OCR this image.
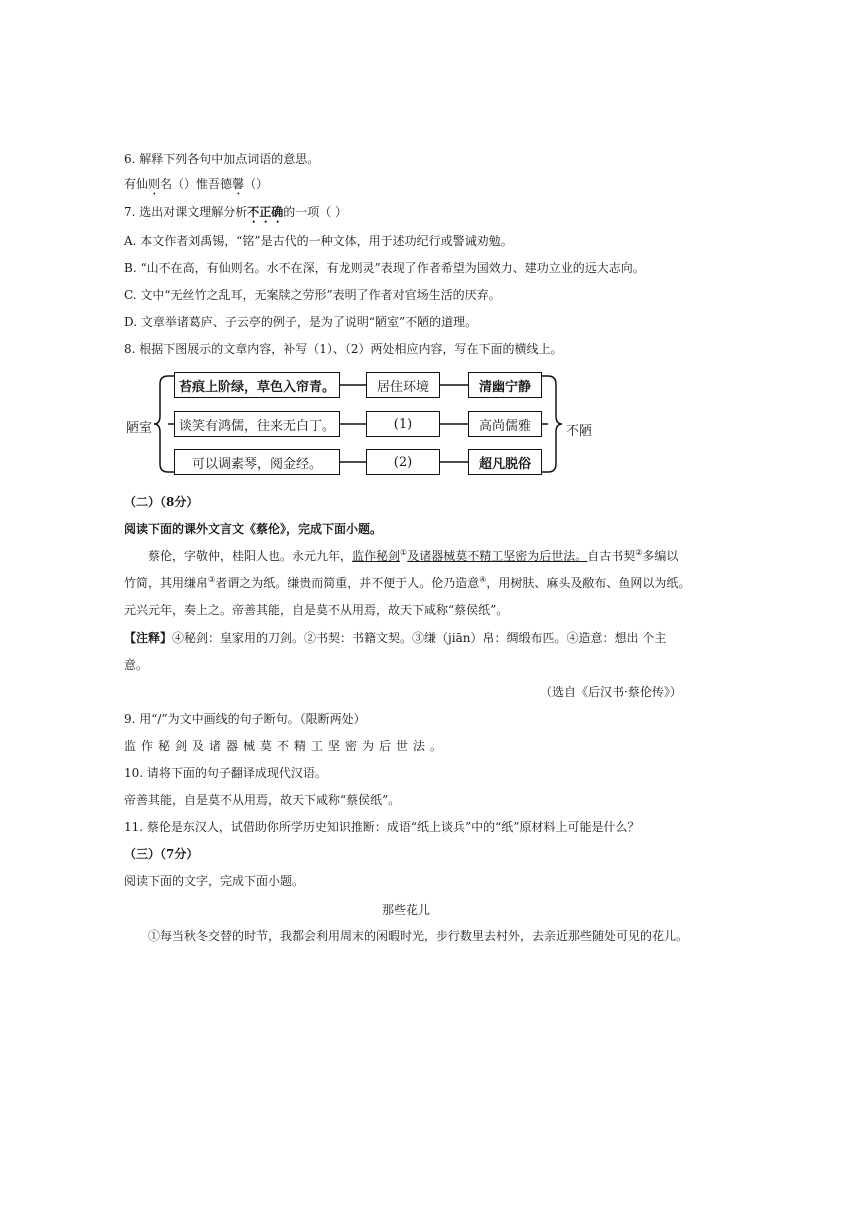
6. 解释下列各句中加点词语的意思。
有仙则名（）惟吾德馨（）
7. 选出对课文理解分析不正确的一项（ ）
A. 本文作者刘禹锡，“铭”是古代的一种文体，用于述功纪行或警诫劝勉。
B. “山不在高，有仙则名。水不在深，有龙则灵”表现了作者希望为国效力、建功立业的远大志向。
C. 文中“无丝竹之乱耳，无案牍之劳形”表明了作者对官场生活的厌弃。
D. 文章举诸葛庐、子云亭的例子，是为了说明“陋室”不陋的道理。
8. 根据下图展示的文章内容，补写（1）、（2）两处相应内容，写在下面的横线上。
陋室	不陋
苔痕上阶绿，草色入帘青。	居住环境	清幽宁静
谈笑有鸿儒，往来无白丁。	(1)	高尚儒雅
可以调素琴，阅金经。	(2)	超凡脱俗
（二）（8分）
阅读下面的课外文言文《蔡伦》，完成下面小题。
蔡伦，字敬仲，桂阳人也。永元九年，监作秘剑①及诸器械莫不精工坚密为后世法。自古书契②多编以
竹简，其用缣帛③者谓之为纸。缣贵而简重，并不便于人。伦乃造意④，用树肤、麻头及敝布、鱼网以为纸。
元兴元年，奏上之。帝善其能，自是莫不从用焉，故天下咸称“蔡侯纸”。
【注释】④秘剑：皇家用的刀剑。②书契：书籍文契。③缣（jiān）帛：绸缎布匹。④造意：想出 个主
意。
（选自《后汉书·蔡伦传》）
9. 用“/”为文中画线的句子断句。（限断两处）
监作秘剑及诸器械莫不精工坚密为后世法。
10. 请将下面的句子翻译成现代汉语。
帝善其能，自是莫不从用焉，故天下咸称“蔡侯纸”。
11. 蔡伦是东汉人，试借助你所学历史知识推断：成语“纸上谈兵”中的“纸”原材料上可能是什么？
（三）（7分）
阅读下面的文字，完成下面小题。
那些花儿
①每当秋冬交替的时节，我都会利用周末的闲暇时光，步行数里去村外，去亲近那些随处可见的花儿。
